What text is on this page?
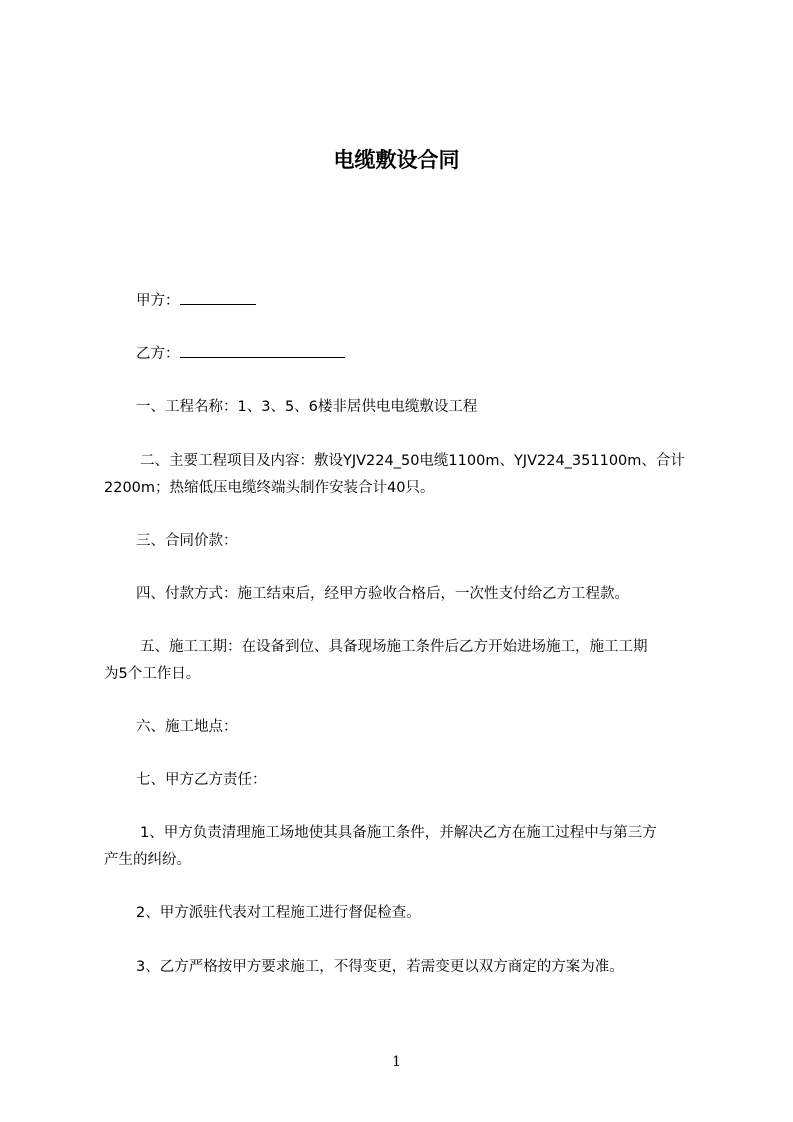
电缆敷设合同
甲方：
乙方：
一、工程名称：1、3、5、6楼非居供电电缆敷设工程
二、主要工程项目及内容：敷设YJV224_50电缆1100m、YJV224_351100m、合计
2200m；热缩低压电缆终端头制作安装合计40只。
三、合同价款：
四、付款方式：施工结束后，经甲方验收合格后，一次性支付给乙方工程款。
五、施工工期：在设备到位、具备现场施工条件后乙方开始进场施工，施工工期
为5个工作日。
六、施工地点：
七、甲方乙方责任：
1、甲方负责清理施工场地使其具备施工条件，并解决乙方在施工过程中与第三方
产生的纠纷。
2、甲方派驻代表对工程施工进行督促检查。
3、乙方严格按甲方要求施工，不得变更，若需变更以双方商定的方案为准。
1
